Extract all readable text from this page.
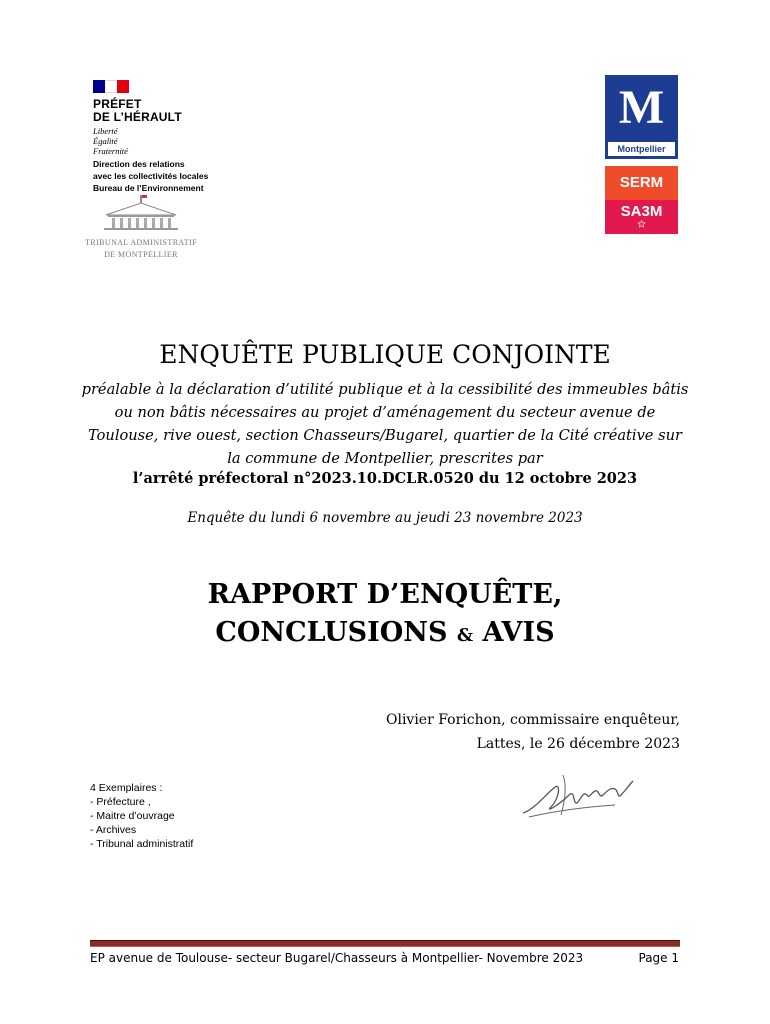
PRÉFET
DE L’HÉRAULT
Liberté
Égalité
Fraternité
Direction des relations
avec les collectivités locales
Bureau de l’Environnement
TRIBUNAL ADMINISTRATIF
DE MONTPELLIER
M
Montpellier
SERM
SA3M
✩
ENQUÊTE PUBLIQUE CONJOINTE
préalable à la déclaration d’utilité publique et à la cessibilité des immeubles bâtis ou non bâtis nécessaires au projet d’aménagement du secteur avenue de Toulouse, rive ouest, section Chasseurs/Bugarel, quartier de la Cité créative sur la commune de Montpellier, prescrites par
l’arrêté préfectoral n°2023.10.DCLR.0520 du 12 octobre 2023
Enquête du lundi 6 novembre au jeudi 23 novembre 2023
RAPPORT D’ENQUÊTE,
CONCLUSIONS & AVIS
Olivier Forichon, commissaire enquêteur,
Lattes, le 26 décembre 2023
4 Exemplaires :
- Préfecture ,
- Maitre d’ouvrage
- Archives
- Tribunal administratif
EP avenue de Toulouse- secteur Bugarel/Chasseurs à Montpellier- Novembre 2023	Page 1
